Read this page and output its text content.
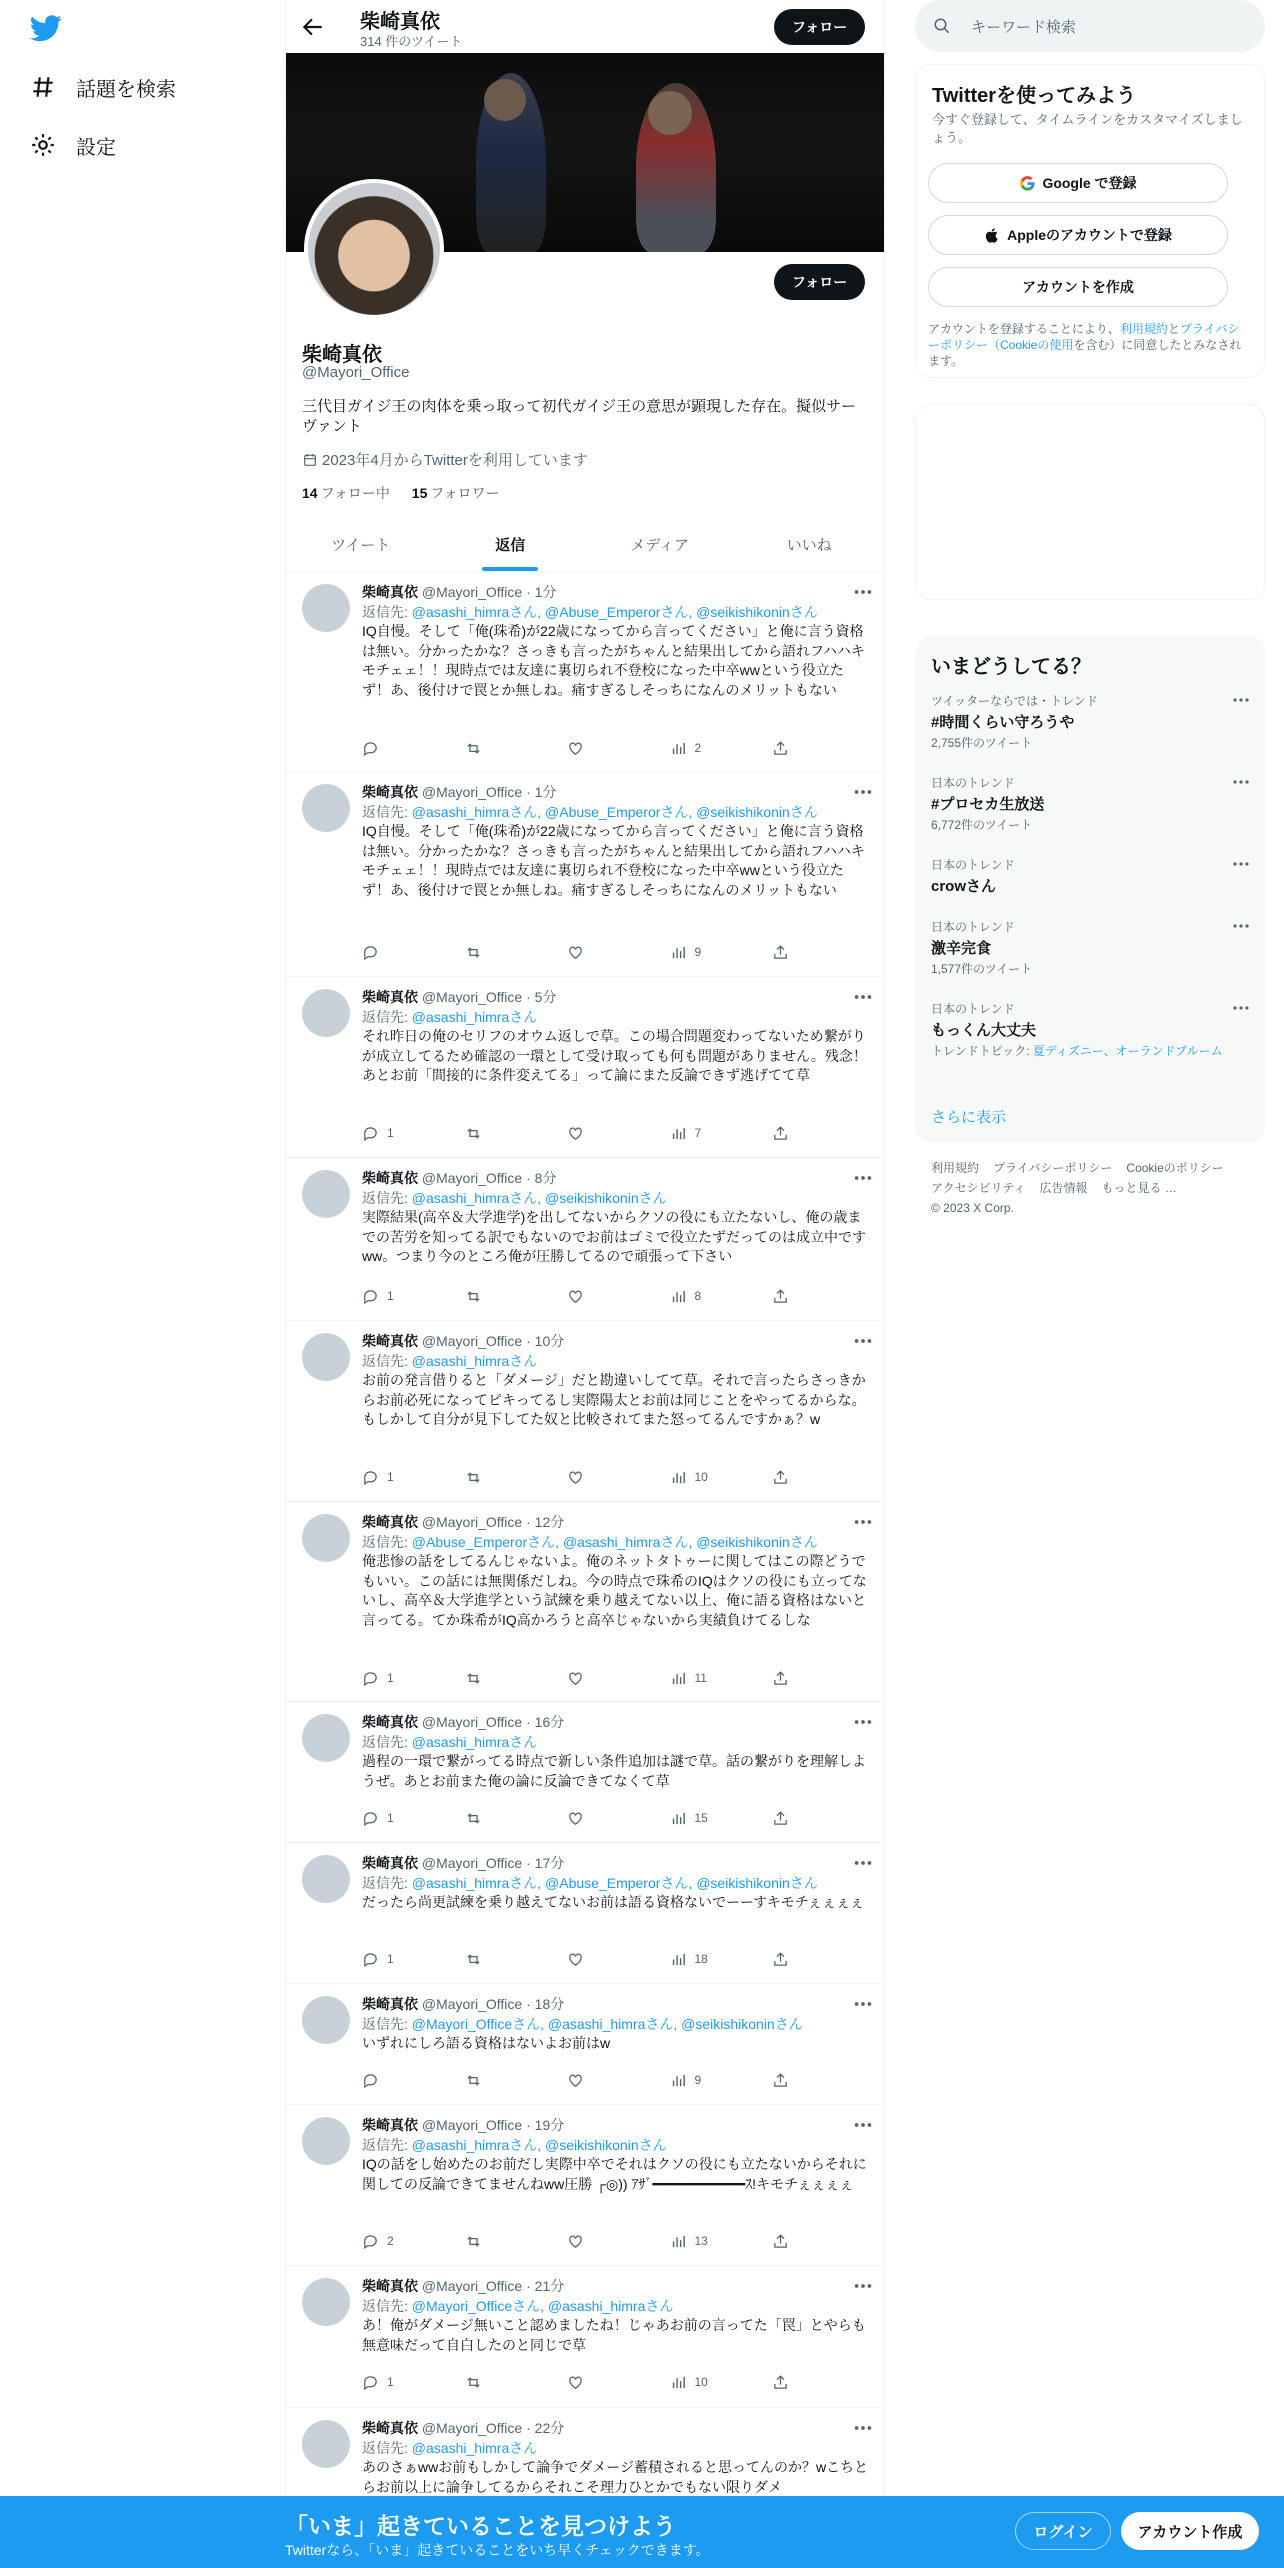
話題を検索
設定
柴崎真依
314 件のツイート
フォロー
フォロー
柴崎真依
@Mayori_Office
三代目ガイジ王の肉体を乗っ取って初代ガイジ王の意思が顕現した存在。擬似サーヴァント
2023年4月からTwitterを利用しています
14 フォロー中 15 フォロワー
ツイート	返信	メディア	いいね
柴崎真依 @Mayori_Office · 1分
返信先: @asashi_himraさん, @Abuse_Emperorさん, @seikishikoninさん
IQ自慢。そして「俺(珠希)が22歳になってから言ってください」と俺に言う資格は無い。分かったかな？さっきも言ったがちゃんと結果出してから語れフハハキモチェェ！！現時点では友達に裏切られ不登校になった中卒wwという役立たず！あ、後付けで罠とか無しね。痛すぎるしそっちになんのメリットもない
2
柴崎真依 @Mayori_Office · 1分
返信先: @asashi_himraさん, @Abuse_Emperorさん, @seikishikoninさん
IQ自慢。そして「俺(珠希)が22歳になってから言ってください」と俺に言う資格は無い。分かったかな？さっきも言ったがちゃんと結果出してから語れフハハキモチェェ！！現時点では友達に裏切られ不登校になった中卒wwという役立たず！あ、後付けで罠とか無しね。痛すぎるしそっちになんのメリットもない
9
柴崎真依 @Mayori_Office · 5分
返信先: @asashi_himraさん
それ昨日の俺のセリフのオウム返しで草。この場合問題変わってないため繋がりが成立してるため確認の一環として受け取っても何も問題がありません。残念！あとお前「間接的に条件変えてる」って論にまた反論できず逃げてて草
1	7
柴崎真依 @Mayori_Office · 8分
返信先: @asashi_himraさん, @seikishikoninさん
実際結果(高卒＆大学進学)を出してないからクソの役にも立たないし、俺の歳までの苦労を知ってる訳でもないのでお前はゴミで役立たずだってのは成立中ですww。つまり今のところ俺が圧勝してるので頑張って下さい
1	8
柴崎真依 @Mayori_Office · 10分
返信先: @asashi_himraさん
お前の発言借りると「ダメージ」だと勘違いしてて草。それで言ったらさっきからお前必死になってピキってるし実際陽太とお前は同じことをやってるからな。もしかして自分が見下してた奴と比較されてまた怒ってるんですかぁ？w
1	10
柴崎真依 @Mayori_Office · 12分
返信先: @Abuse_Emperorさん, @asashi_himraさん, @seikishikoninさん
俺悲惨の話をしてるんじゃないよ。俺のネットタトゥーに関してはこの際どうでもいい。この話には無関係だしね。今の時点で珠希のIQはクソの役にも立ってないし、高卒＆大学進学という試練を乗り越えてない以上、俺に語る資格はないと言ってる。てか珠希がIQ高かろうと高卒じゃないから実績負けてるしな
1	11
柴崎真依 @Mayori_Office · 16分
返信先: @asashi_himraさん
過程の一環で繋がってる時点で新しい条件追加は謎で草。話の繋がりを理解しようぜ。あとお前また俺の論に反論できてなくて草
1	15
柴崎真依 @Mayori_Office · 17分
返信先: @asashi_himraさん, @Abuse_Emperorさん, @seikishikoninさん
だったら尚更試練を乗り越えてないお前は語る資格ないでーーすキモチぇぇぇぇ
1	18
柴崎真依 @Mayori_Office · 18分
返信先: @Mayori_Officeさん, @asashi_himraさん, @seikishikoninさん
いずれにしろ語る資格はないよお前はw
9
柴崎真依 @Mayori_Office · 19分
返信先: @asashi_himraさん, @seikishikoninさん
IQの話をし始めたのお前だし実際中卒でそれはクソの役にも立たないからそれに関しての反論できてませんねww圧勝 ┌◎)) ｱｻﾞ━━━━━━━━━━━ｽ!キモチぇぇぇぇ
2	13
柴崎真依 @Mayori_Office · 21分
返信先: @Mayori_Officeさん, @asashi_himraさん
あ！俺がダメージ無いこと認めましたね！じゃあお前の言ってた「罠」とやらも無意味だって自白したのと同じで草
1	10
柴崎真依 @Mayori_Office · 22分
返信先: @asashi_himraさん
あのさぁwwお前もしかして論争でダメージ蓄積されると思ってんのか？wこちとらお前以上に論争してるからそれこそ理力ひとかでもない限りダメ
キーワード検索
Twitterを使ってみよう
今すぐ登録して、タイムラインをカスタマイズしましょう。
Google で登録
Appleのアカウントで登録
アカウントを作成
アカウントを登録することにより、利用規約とプライバシーポリシー（Cookieの使用を含む）に同意したとみなされます。
いまどうしてる？
ツイッターならでは・トレンド
#時間くらい守ろうや
2,755件のツイート
日本のトレンド
#プロセカ生放送
6,772件のツイート
日本のトレンド
crowさん
日本のトレンド
激辛完食
1,577件のツイート
日本のトレンド
もっくん大丈夫
トレンドトピック: 夏ディズニー、オーランドブルーム
さらに表示
利用規約 プライバシーポリシー Cookieのポリシーアクセシビリティ 広告情報 もっと見る …© 2023 X Corp.
「いま」起きていることを見つけよう
Twitterなら、「いま」起きていることをいち早くチェックできます。
ログイン	アカウント作成
